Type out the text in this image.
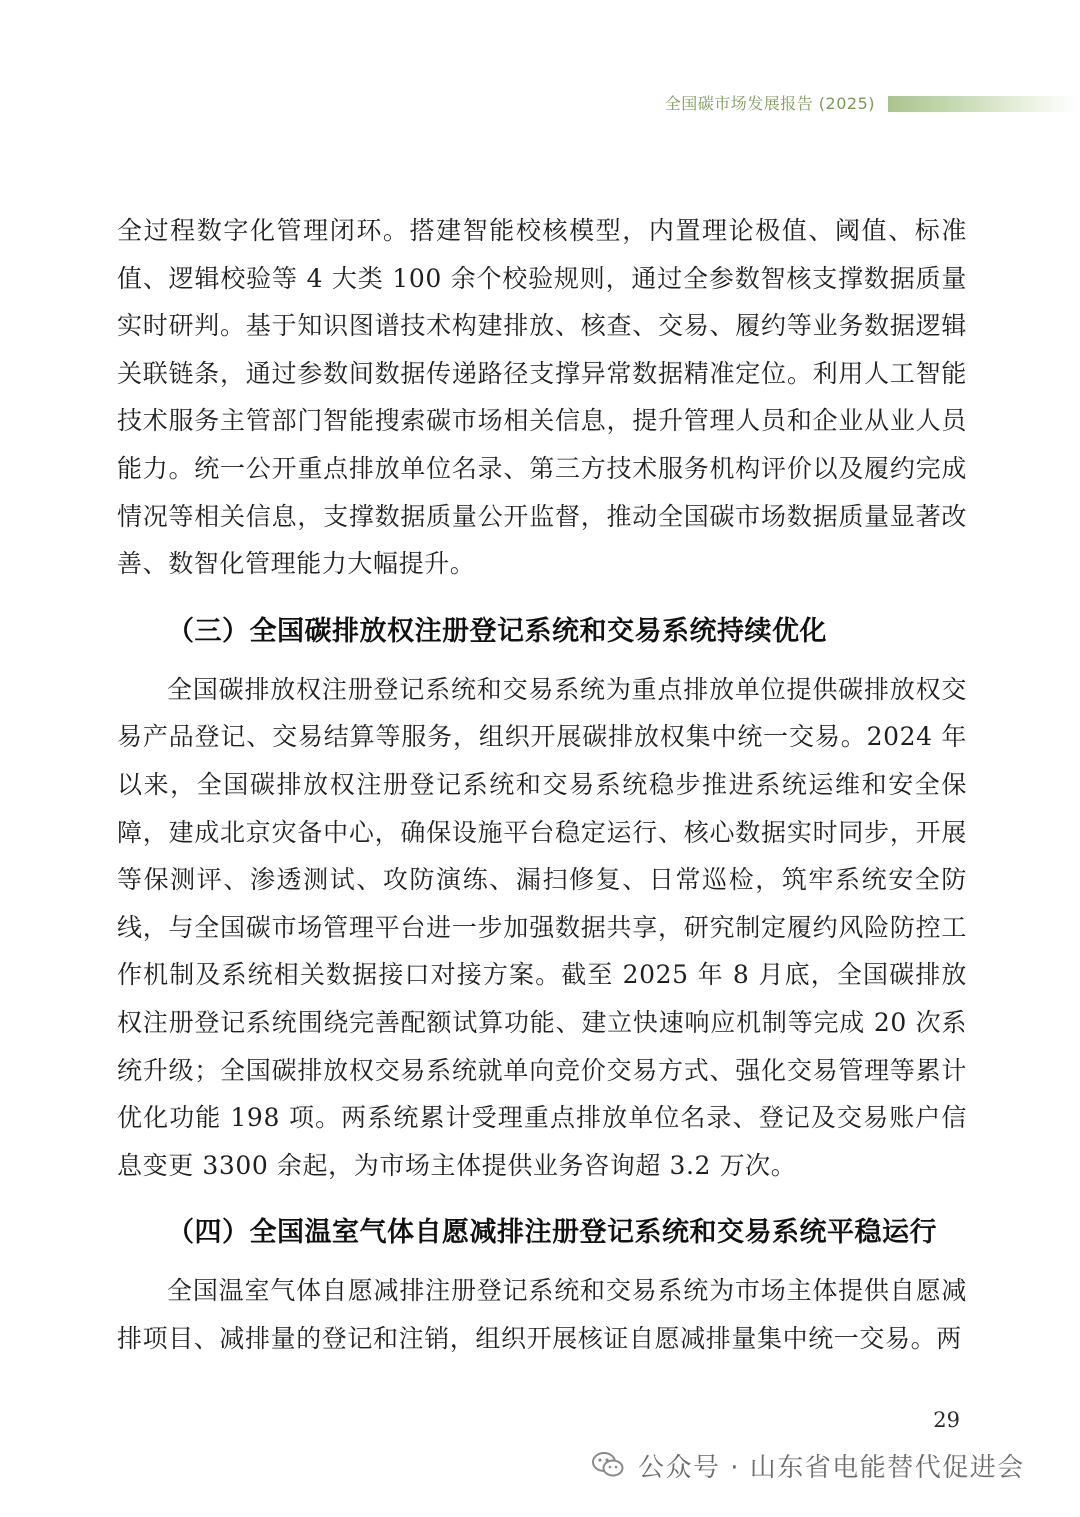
全国碳市场发展报告 (2025)

全过程数字化管理闭环。搭建智能校核模型，内置理论极值、阈值、标准值、逻辑校验等 4 大类 100 余个校验规则，通过全参数智核支撑数据质量实时研判。基于知识图谱技术构建排放、核查、交易、履约等业务数据逻辑关联链条，通过参数间数据传递路径支撑异常数据精准定位。利用人工智能技术服务主管部门智能搜索碳市场相关信息，提升管理人员和企业从业人员能力。统一公开重点排放单位名录、第三方技术服务机构评价以及履约完成情况等相关信息，支撑数据质量公开监督，推动全国碳市场数据质量显著改善、数智化管理能力大幅提升。

（三）全国碳排放权注册登记系统和交易系统持续优化

全国碳排放权注册登记系统和交易系统为重点排放单位提供碳排放权交易产品登记、交易结算等服务，组织开展碳排放权集中统一交易。2024 年以来，全国碳排放权注册登记系统和交易系统稳步推进系统运维和安全保障，建成北京灾备中心，确保设施平台稳定运行、核心数据实时同步，开展等保测评、渗透测试、攻防演练、漏扫修复、日常巡检，筑牢系统安全防线，与全国碳市场管理平台进一步加强数据共享，研究制定履约风险防控工作机制及系统相关数据接口对接方案。截至 2025 年 8 月底，全国碳排放权注册登记系统围绕完善配额试算功能、建立快速响应机制等完成 20 次系统升级；全国碳排放权交易系统就单向竞价交易方式、强化交易管理等累计优化功能 198 项。两系统累计受理重点排放单位名录、登记及交易账户信息变更 3300 余起，为市场主体提供业务咨询超 3.2 万次。

（四）全国温室气体自愿减排注册登记系统和交易系统平稳运行

全国温室气体自愿减排注册登记系统和交易系统为市场主体提供自愿减排项目、减排量的登记和注销，组织开展核证自愿减排量集中统一交易。两

29
公众号 · 山东省电能替代促进会
